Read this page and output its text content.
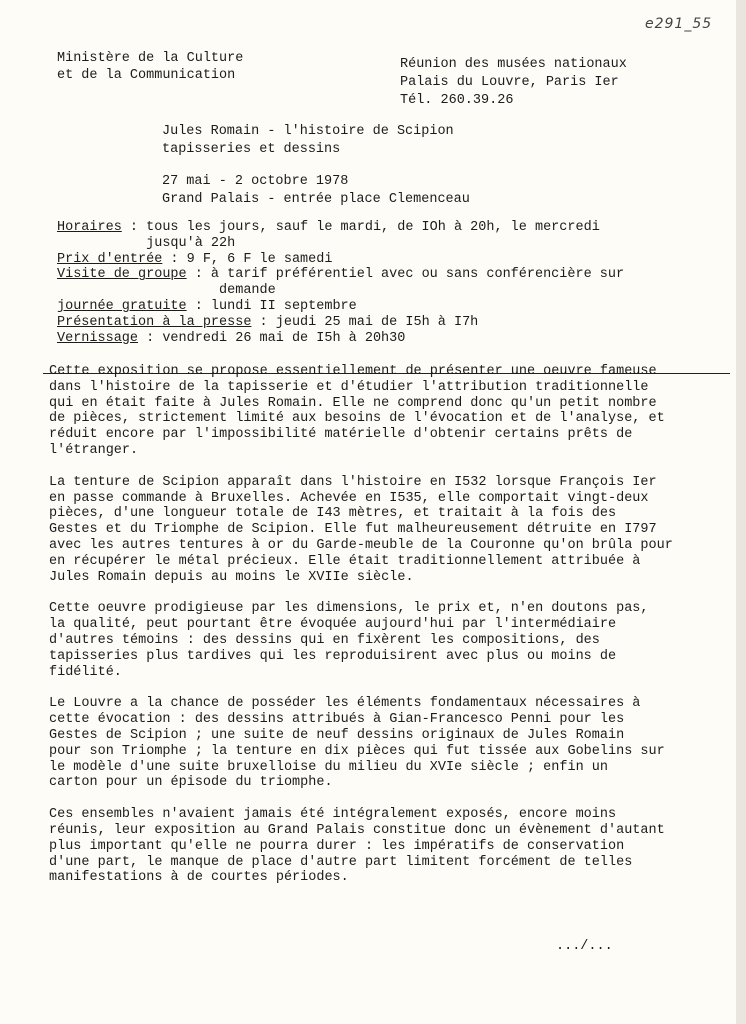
e291_55
Ministère de la Culture
et de la Communication
Réunion des musées nationaux
Palais du Louvre, Paris Ier
Tél. 260.39.26
Jules Romain - l'histoire de Scipion
tapisseries et dessins
27 mai - 2 octobre 1978
Grand Palais - entrée place Clemenceau
Horaires : tous les jours, sauf le mardi, de IOh à 20h, le mercredi
jusqu'à 22h
Prix d'entrée : 9 F, 6 F le samedi
Visite de groupe : à tarif préférentiel avec ou sans conférencière sur
demande
journée gratuite : lundi II septembre
Présentation à la presse : jeudi 25 mai de I5h à I7h
Vernissage : vendredi 26 mai de I5h à 20h30
Cette exposition se propose essentiellement de présenter une oeuvre fameuse
dans l'histoire de la tapisserie et d'étudier l'attribution traditionnelle
qui en était faite à Jules Romain. Elle ne comprend donc qu'un petit nombre
de pièces, strictement limité aux besoins de l'évocation et de l'analyse, et
réduit encore par l'impossibilité matérielle d'obtenir certains prêts de
l'étranger.
La tenture de Scipion apparaît dans l'histoire en I532 lorsque François Ier
en passe commande à Bruxelles. Achevée en I535, elle comportait vingt-deux
pièces, d'une longueur totale de I43 mètres, et traitait à la fois des
Gestes et du Triomphe de Scipion. Elle fut malheureusement détruite en I797
avec les autres tentures à or du Garde-meuble de la Couronne qu'on brûla pour
en récupérer le métal précieux. Elle était traditionnellement attribuée à
Jules Romain depuis au moins le XVIIe siècle.
Cette oeuvre prodigieuse par les dimensions, le prix et, n'en doutons pas,
la qualité, peut pourtant être évoquée aujourd'hui par l'intermédiaire
d'autres témoins : des dessins qui en fixèrent les compositions, des
tapisseries plus tardives qui les reproduisirent avec plus ou moins de
fidélité.
Le Louvre a la chance de posséder les éléments fondamentaux nécessaires à
cette évocation : des dessins attribués à Gian-Francesco Penni pour les
Gestes de Scipion ; une suite de neuf dessins originaux de Jules Romain
pour son Triomphe ; la tenture en dix pièces qui fut tissée aux Gobelins sur
le modèle d'une suite bruxelloise du milieu du XVIe siècle ; enfin un
carton pour un épisode du triomphe.
Ces ensembles n'avaient jamais été intégralement exposés, encore moins
réunis, leur exposition au Grand Palais constitue donc un évènement d'autant
plus important qu'elle ne pourra durer : les impératifs de conservation
d'une part, le manque de place d'autre part limitent forcément de telles
manifestations à de courtes périodes.
.../...
